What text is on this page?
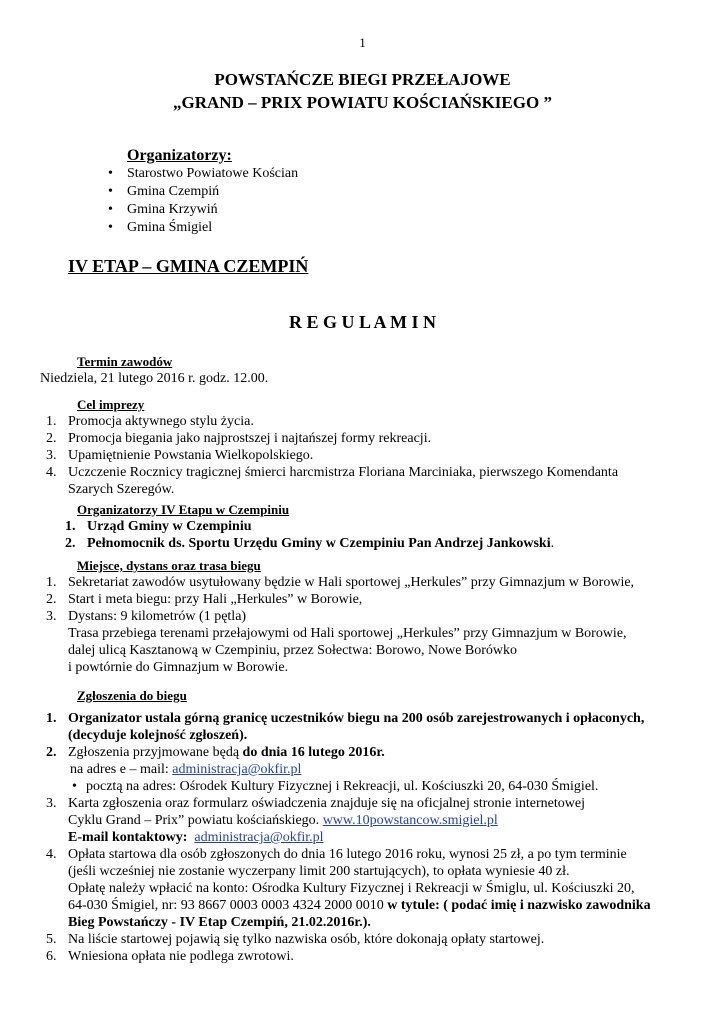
1
POWSTAŃCZE BIEGI PRZEŁAJOWE
„GRAND – PRIX POWIATU KOŚCIAŃSKIEGO ”
Organizatorzy:
• Starostwo Powiatowe Kościan
• Gmina Czempiń
• Gmina Krzywiń
• Gmina Śmigiel
IV ETAP – GMINA CZEMPIŃ
R E G U L A M I N
Termin zawodów
Niedziela, 21 lutego 2016 r. godz. 12.00.
Cel imprezy
1. Promocja aktywnego stylu życia.
2. Promocja biegania jako najprostszej i najtańszej formy rekreacji.
3. Upamiętnienie Powstania Wielkopolskiego.
4. Uczczenie Rocznicy tragicznej śmierci harcmistrza Floriana Marciniaka, pierwszego Komendanta
Szarych Szeregów.
Organizatorzy IV Etapu w Czempiniu
1. Urząd Gminy w Czempiniu
2. Pełnomocnik ds. Sportu Urzędu Gminy w Czempiniu Pan Andrzej Jankowski.
Miejsce, dystans oraz trasa biegu
1. Sekretariat zawodów usytułowany będzie w Hali sportowej „Herkules” przy Gimnazjum w Borowie,
2. Start i meta biegu: przy Hali „Herkules” w Borowie,
3. Dystans: 9 kilometrów (1 pętla)
Trasa przebiega terenami przełajowymi od Hali sportowej „Herkules” przy Gimnazjum w Borowie,
dalej ulicą Kasztanową w Czempiniu, przez Sołectwa: Borowo, Nowe Borówko
i powtórnie do Gimnazjum w Borowie.
Zgłoszenia do biegu
1. Organizator ustala górną granicę uczestników biegu na 200 osób zarejestrowanych i opłaconych,
(decyduje kolejność zgłoszeń).
2. Zgłoszenia przyjmowane będą do dnia 16 lutego 2016r.
na adres e – mail: administracja@okfir.pl
• pocztą na adres: Ośrodek Kultury Fizycznej i Rekreacji, ul. Kościuszki 20, 64-030 Śmigiel.
3. Karta zgłoszenia oraz formularz oświadczenia znajduje się na oficjalnej stronie internetowej
Cyklu Grand – Prix” powiatu kościańskiego. www.10powstancow.smigiel.pl
E-mail kontaktowy: administracja@okfir.pl
4. Opłata startowa dla osób zgłoszonych do dnia 16 lutego 2016 roku, wynosi 25 zł, a po tym terminie
(jeśli wcześniej nie zostanie wyczerpany limit 200 startujących), to opłata wyniesie 40 zł.
Opłatę należy wpłacić na konto: Ośrodka Kultury Fizycznej i Rekreacji w Śmiglu, ul. Kościuszki 20,
64-030 Śmigiel, nr: 93 8667 0003 0003 4324 2000 0010 w tytule: ( podać imię i nazwisko zawodnika
Bieg Powstańczy - IV Etap Czempiń, 21.02.2016r.).
5. Na liście startowej pojawią się tylko nazwiska osób, które dokonają opłaty startowej.
6. Wniesiona opłata nie podlega zwrotowi.
